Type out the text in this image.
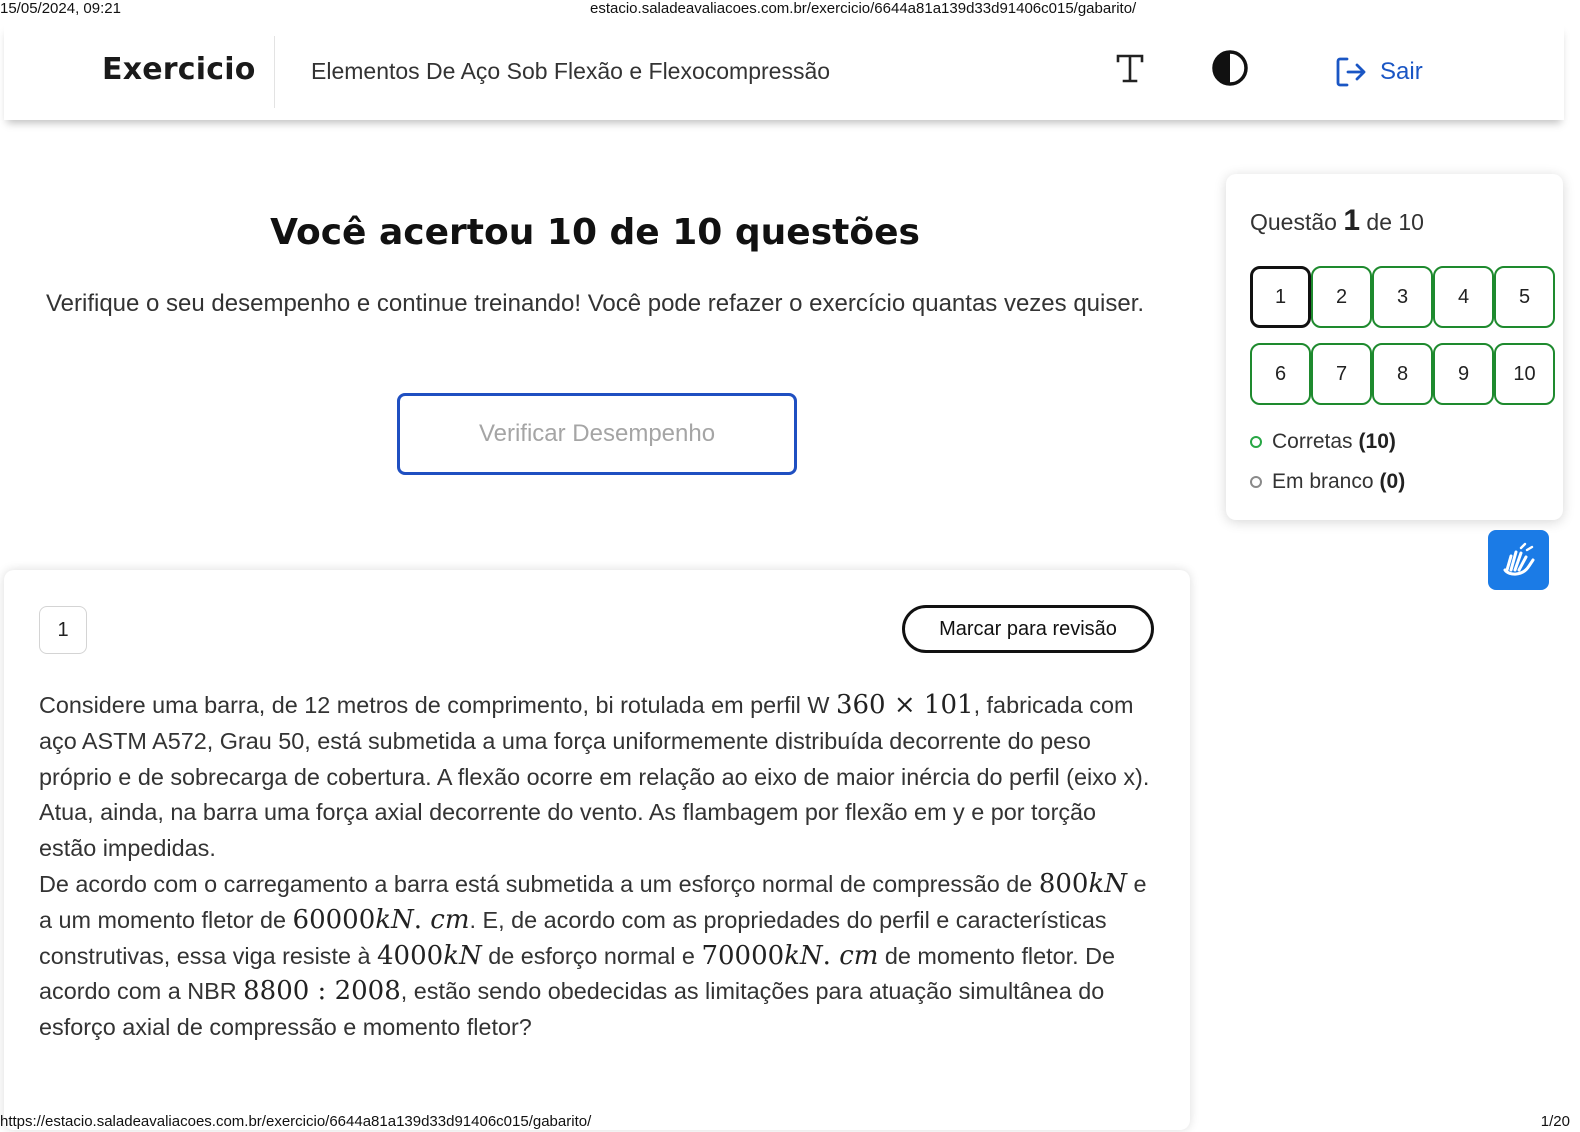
15/05/2024, 09:21	estacio.saladeavaliacoes.com.br/exercicio/6644a81a139d33d91406c015/gabarito/
Exercicio Elementos De Aço Sob Flexão e Flexocompressão	Sair
Você acertou 10 de 10 questões

Verifique o seu desempenho e continue treinando! Você pode refazer o exercício quantas vezes quiser.

Verificar Desempenho
Questão 1 de 10
1	2	3	4	5
6	7	8	9	10
Corretas (10)
Em branco (0)
1	Marcar para revisão
Considere uma barra, de 12 metros de comprimento, bi rotulada em perfil W 360 × 101, fabricada com aço ASTM A572, Grau 50, está submetida a uma força uniformemente distribuída decorrente do peso próprio e de sobrecarga de cobertura. A flexão ocorre em relação ao eixo de maior inércia do perfil (eixo x). Atua, ainda, na barra uma força axial decorrente do vento. As flambagem por flexão em y e por torção estão impedidas.
De acordo com o carregamento a barra está submetida a um esforço normal de compressão de 800kN e a um momento fletor de 60000kN. cm. E, de acordo com as propriedades do perfil e características construtivas, essa viga resiste à 4000kN de esforço normal e 70000kN. cm de momento fletor. De acordo com a NBR 8800 : 2008, estão sendo obedecidas as limitações para atuação simultânea do esforço axial de compressão e momento fletor?
https://estacio.saladeavaliacoes.com.br/exercicio/6644a81a139d33d91406c015/gabarito/	1/20
